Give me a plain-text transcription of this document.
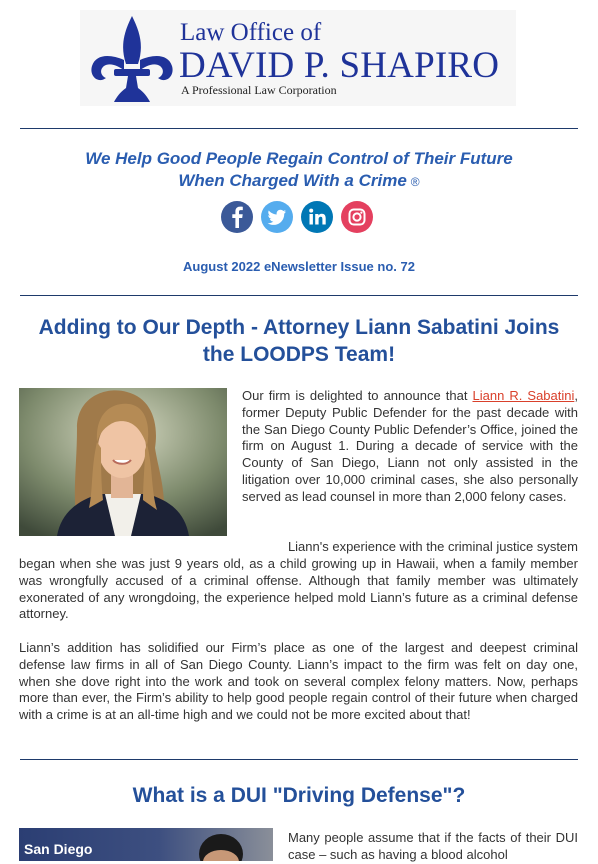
Law Office of
DAVID P. SHAPIRO
A Professional Law Corporation
We Help Good People Regain Control of Their Future
When Charged With a Crime ®
August 2022 eNewsletter Issue no. 72
Adding to Our Depth - Attorney Liann Sabatini Joins the LOODPS Team!

Our firm is delighted to announce that Liann R. Sabatini, former Deputy Public Defender for the past decade with the San Diego County Public Defender’s Office, joined the firm on August 1. During a decade of service with the County of San Diego, Liann not only assisted in the litigation over 10,000 criminal cases, she also personally served as lead counsel in more than 2,000 felony cases.

Liann's experience with the criminal justice system

began when she was just 9 years old, as a child growing up in Hawaii, when a family member was wrongfully accused of a criminal offense. Although that family member was ultimately exonerated of any wrongdoing, the experience helped mold Liann’s future as a criminal defense attorney.

Liann’s addition has solidified our Firm’s place as one of the largest and deepest criminal defense law firms in all of San Diego County. Liann’s impact to the firm was felt on day one, when she dove right into the work and took on several complex felony matters. Now, perhaps more than ever, the Firm’s ability to help good people regain control of their future when charged with a crime is at an all-time high and we could not be more excited about that!

What is a DUI "Driving Defense"?
San Diego

Many people assume that if the facts of their DUI case – such as having a blood alcohol
